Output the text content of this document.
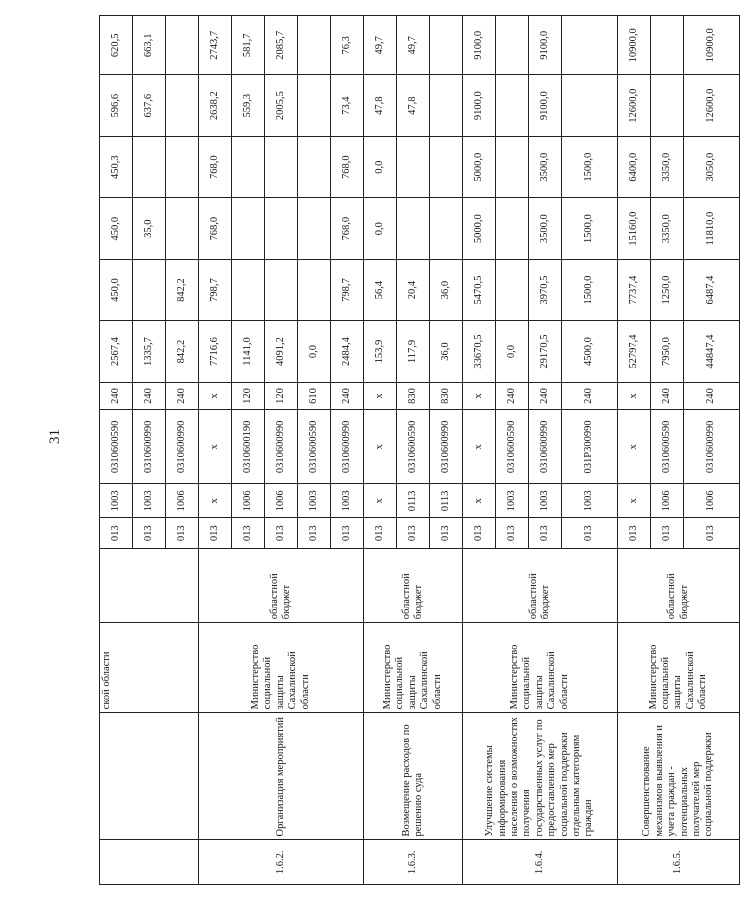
31
		ской области		013	1003	0310600590	240	2567,4	450,0	450,0	450,3	596,6	620,5
				013	1003	0310600990	240	1335,7		35,0		637,6	663,1
				013	1006	0310600990	240	842,2	842,2				
1.6.2.	Организация мероприятий	Министерство социальной защиты Сахалинской области	областной бюджет	013	х	х	х	7716,6	798,7	768,0	768,0	2638,2	2743,7
				013	1006	0310600190	120	1141,0				559,3	581,7
				013	1006	0310600990	120	4091,2				2005,5	2085,7
				013	1003	0310600590	610	0,0					
				013	1003	0310600990	240	2484,4	798,7	768,0	768,0	73,4	76,3
1.6.3.	Возмещение расходов по решению суда	Министерство социальной защиты Сахалинской области	областной бюджет	013	х	х	х	153,9	56,4	0,0	0,0	47,8	49,7
				013	0113	0310600590	830	117,9	20,4			47,8	49,7
				013	0113	0310600990	830	36,0	36,0				
1.6.4.	Улучшение системы информирования населения о возможностях получения государственных услуг по предоставлению мер социальной поддержки отдельным категориям граждан	Министерство социальной защиты Сахалинской области	областной бюджет	013	х	х	х	33670,5	5470,5	5000,0	5000,0	9100,0	9100,0
				013	1003	0310600590	240	0,0					
				013	1003	0310600990	240	29170,5	3970,5	3500,0	3500,0	9100,0	9100,0
				013	1003	031P300990	240	4500,0	1500,0	1500,0	1500,0		
1.6.5.	Совершенствование механизмов выявления и учета граждан - потенциальных получателей мер социальной поддержки	Министерство социальной защиты Сахалинской области	областной бюджет	013	х	х	х	52797,4	7737,4	15160,0	6400,0	12600,0	10900,0
				013	1006	0310600590	240	7950,0	1250,0	3350,0	3350,0		
				013	1006	0310600990	240	44847,4	6487,4	11810,0	3050,0	12600,0	10900,0
